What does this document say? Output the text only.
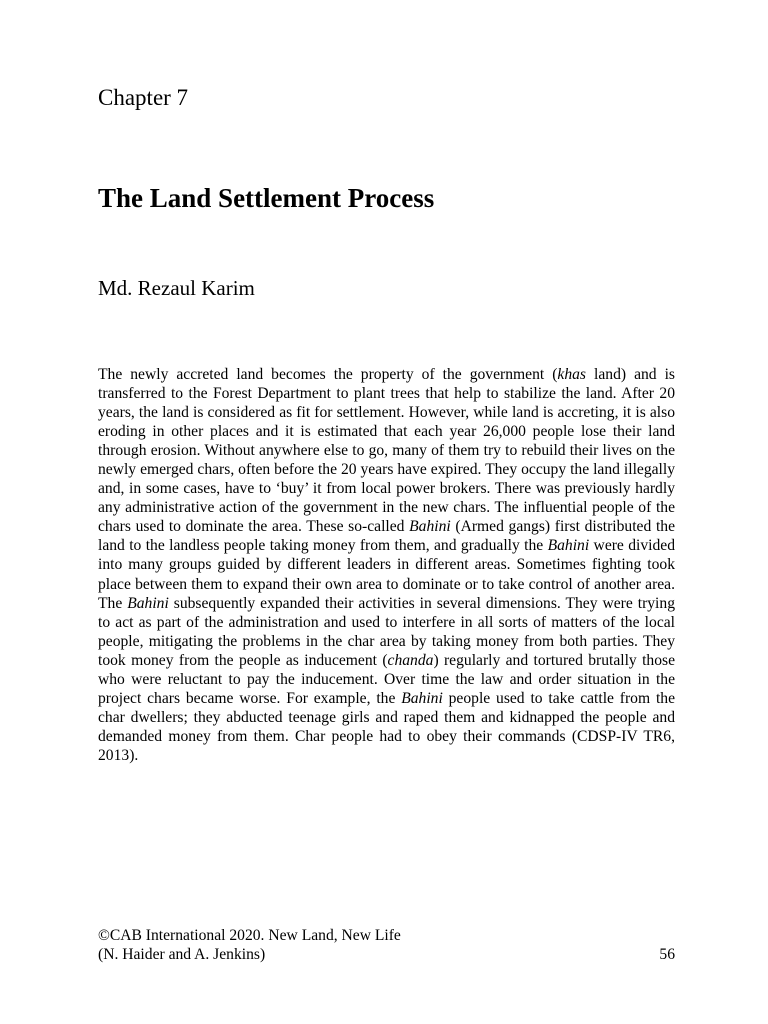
Chapter 7
The Land Settlement Process
Md. Rezaul Karim

The newly accreted land becomes the property of the government (khas land) and is transferred to the Forest Department to plant trees that help to stabilize the land. After 20 years, the land is considered as fit for settlement. However, while land is accreting, it is also eroding in other places and it is estimated that each year 26,000 people lose their land through erosion. Without anywhere else to go, many of them try to rebuild their lives on the newly emerged chars, often before the 20 years have expired. They occupy the land illegally and, in some cases, have to ‘buy’ it from local power brokers. There was previously hardly any administrative action of the government in the new chars. The influential people of the chars used to dominate the area. These so-called Bahini (Armed gangs) first distributed the land to the landless people taking money from them, and gradually the Bahini were divided into many groups guided by different leaders in different areas. Sometimes fighting took place between them to expand their own area to dominate or to take control of another area. The Bahini subsequently expanded their activities in several dimensions. They were trying to act as part of the administration and used to interfere in all sorts of matters of the local people, mitigating the problems in the char area by taking money from both parties. They took money from the people as inducement (chanda) regularly and tortured brutally those who were reluctant to pay the inducement. Over time the law and order situation in the project chars became worse. For example, the Bahini people used to take cattle from the char dwellers; they abducted teenage girls and raped them and kidnapped the people and demanded money from them. Char people had to obey their commands (CDSP-IV TR6, 2013).

©CAB International 2020. New Land, New Life
(N. Haider and A. Jenkins)	56
